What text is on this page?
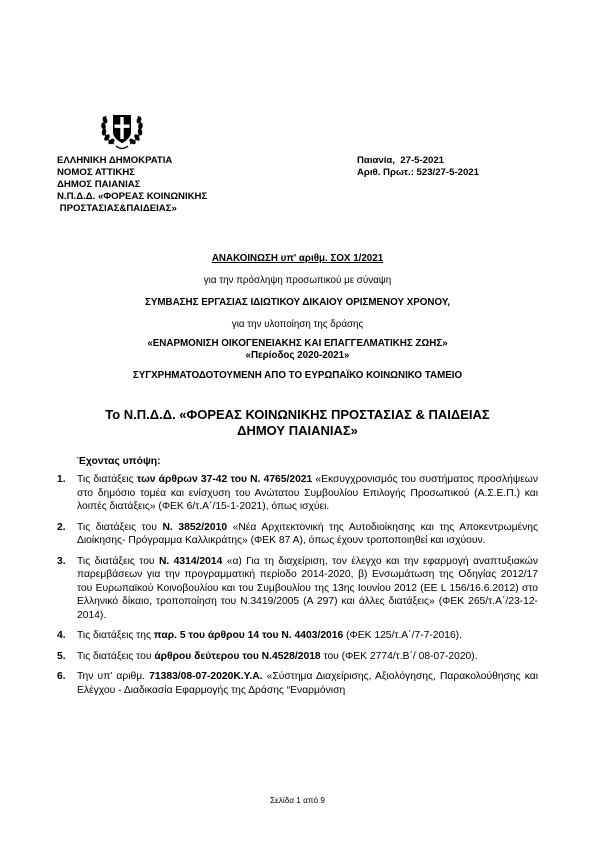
ΕΛΛΗΝΙΚΗ ΔΗΜΟΚΡΑΤΙΑ
ΝΟΜΟΣ ΑΤΤΙΚΗΣ
ΔΗΜΟΣ ΠΑΙΑΝΙΑΣ
Ν.Π.Δ.Δ. «ΦΟΡΕΑΣ ΚΟΙΝΩΝΙΚΗΣ
ΠΡΟΣΤΑΣΙΑΣ&ΠΑΙΔΕΙΑΣ»
Παιανία,  27-5-2021
Αριθ. Πρωτ.: 523/27-5-2021
ΑΝΑΚΟΙΝΩΣΗ υπ' αριθμ. ΣΟΧ 1/2021
για την πρόσληψη προσωπικού με σύναψη
ΣΥΜΒΑΣΗΣ ΕΡΓΑΣΙΑΣ ΙΔΙΩΤΙΚΟΥ ΔΙΚΑΙΟΥ ΟΡΙΣΜΕΝΟΥ ΧΡΟΝΟΥ,
για την υλοποίηση της δράσης
«ΕΝΑΡΜΟΝΙΣΗ ΟΙΚΟΓΕΝΕΙΑΚΗΣ ΚΑΙ ΕΠΑΓΓΕΛΜΑΤΙΚΗΣ ΖΩΗΣ»
«Περίοδος 2020-2021»
ΣΥΓΧΡΗΜΑΤΟΔΟΤΟΥΜΕΝΗ ΑΠΟ ΤΟ ΕΥΡΩΠΑΪΚΟ ΚΟΙΝΩΝΙΚΟ ΤΑΜΕΙΟ
Το Ν.Π.Δ.Δ. «ΦΟΡΕΑΣ ΚΟΙΝΩΝΙΚΗΣ ΠΡΟΣΤΑΣΙΑΣ & ΠΑΙΔΕΙΑΣ
ΔΗΜΟΥ ΠΑΙΑΝΙΑΣ»
Έχοντας υπόψη:
1. Τις διατάξεις των άρθρων 37-42 του Ν. 4765/2021 «Εκσυγχρονισμός του συστήματος προσλήψεων στο δημόσιο τομέα και ενίσχυση του Ανώτατου Συμβουλίου Επιλογής Προσωπικού (Α.Σ.Ε.Π.) και λοιπές διατάξεις» (ΦΕΚ 6/τ.Α΄/15-1-2021), όπως ισχύει.
2. Τις διατάξεις του Ν. 3852/2010 «Νέα Αρχιτεκτονική της Αυτοδιοίκησης και της Αποκεντρωμένης Διοίκησης- Πρόγραμμα Καλλικράτης» (ΦΕΚ 87 Α), όπως έχουν τροποποιηθεί και ισχύουν.
3. Τις διατάξεις του Ν. 4314/2014 «α) Για τη διαχείριση, τον έλεγχο και την εφαρμογή αναπτυξιακών παρεμβάσεων για την προγραμματική περίοδο 2014-2020, β) Ενσωμάτωση της Οδηγίας 2012/17 του Ευρωπαϊκού Κοινοβουλίου και του Συμβουλίου της 13ης Ιουνίου 2012 (ΕΕ L 156/16.6.2012) στο Ελληνικό δίκαιο, τροποποίηση του Ν.3419/2005 (Α 297) και άλλες διατάξεις» (ΦΕΚ 265/τ.Α΄/23-12-2014).
4. Τις διατάξεις της παρ. 5 του άρθρου 14 του Ν. 4403/2016 (ΦΕΚ 125/τ.Α΄/7-7-2016).
5. Τις διατάξεις του άρθρου δεύτερου του Ν.4528/2018 του (ΦΕΚ 2774/τ.Β΄/ 08-07-2020).
6. Την υπ' αριθμ. 71383/08-07-2020Κ.Υ.Α. «Σύστημα Διαχείρισης, Αξιολόγησης, Παρακολούθησης και Ελέγχου - Διαδικασία Εφαρμογής της Δράσης “Εναρμόνιση
Σελίδα 1 από 9
